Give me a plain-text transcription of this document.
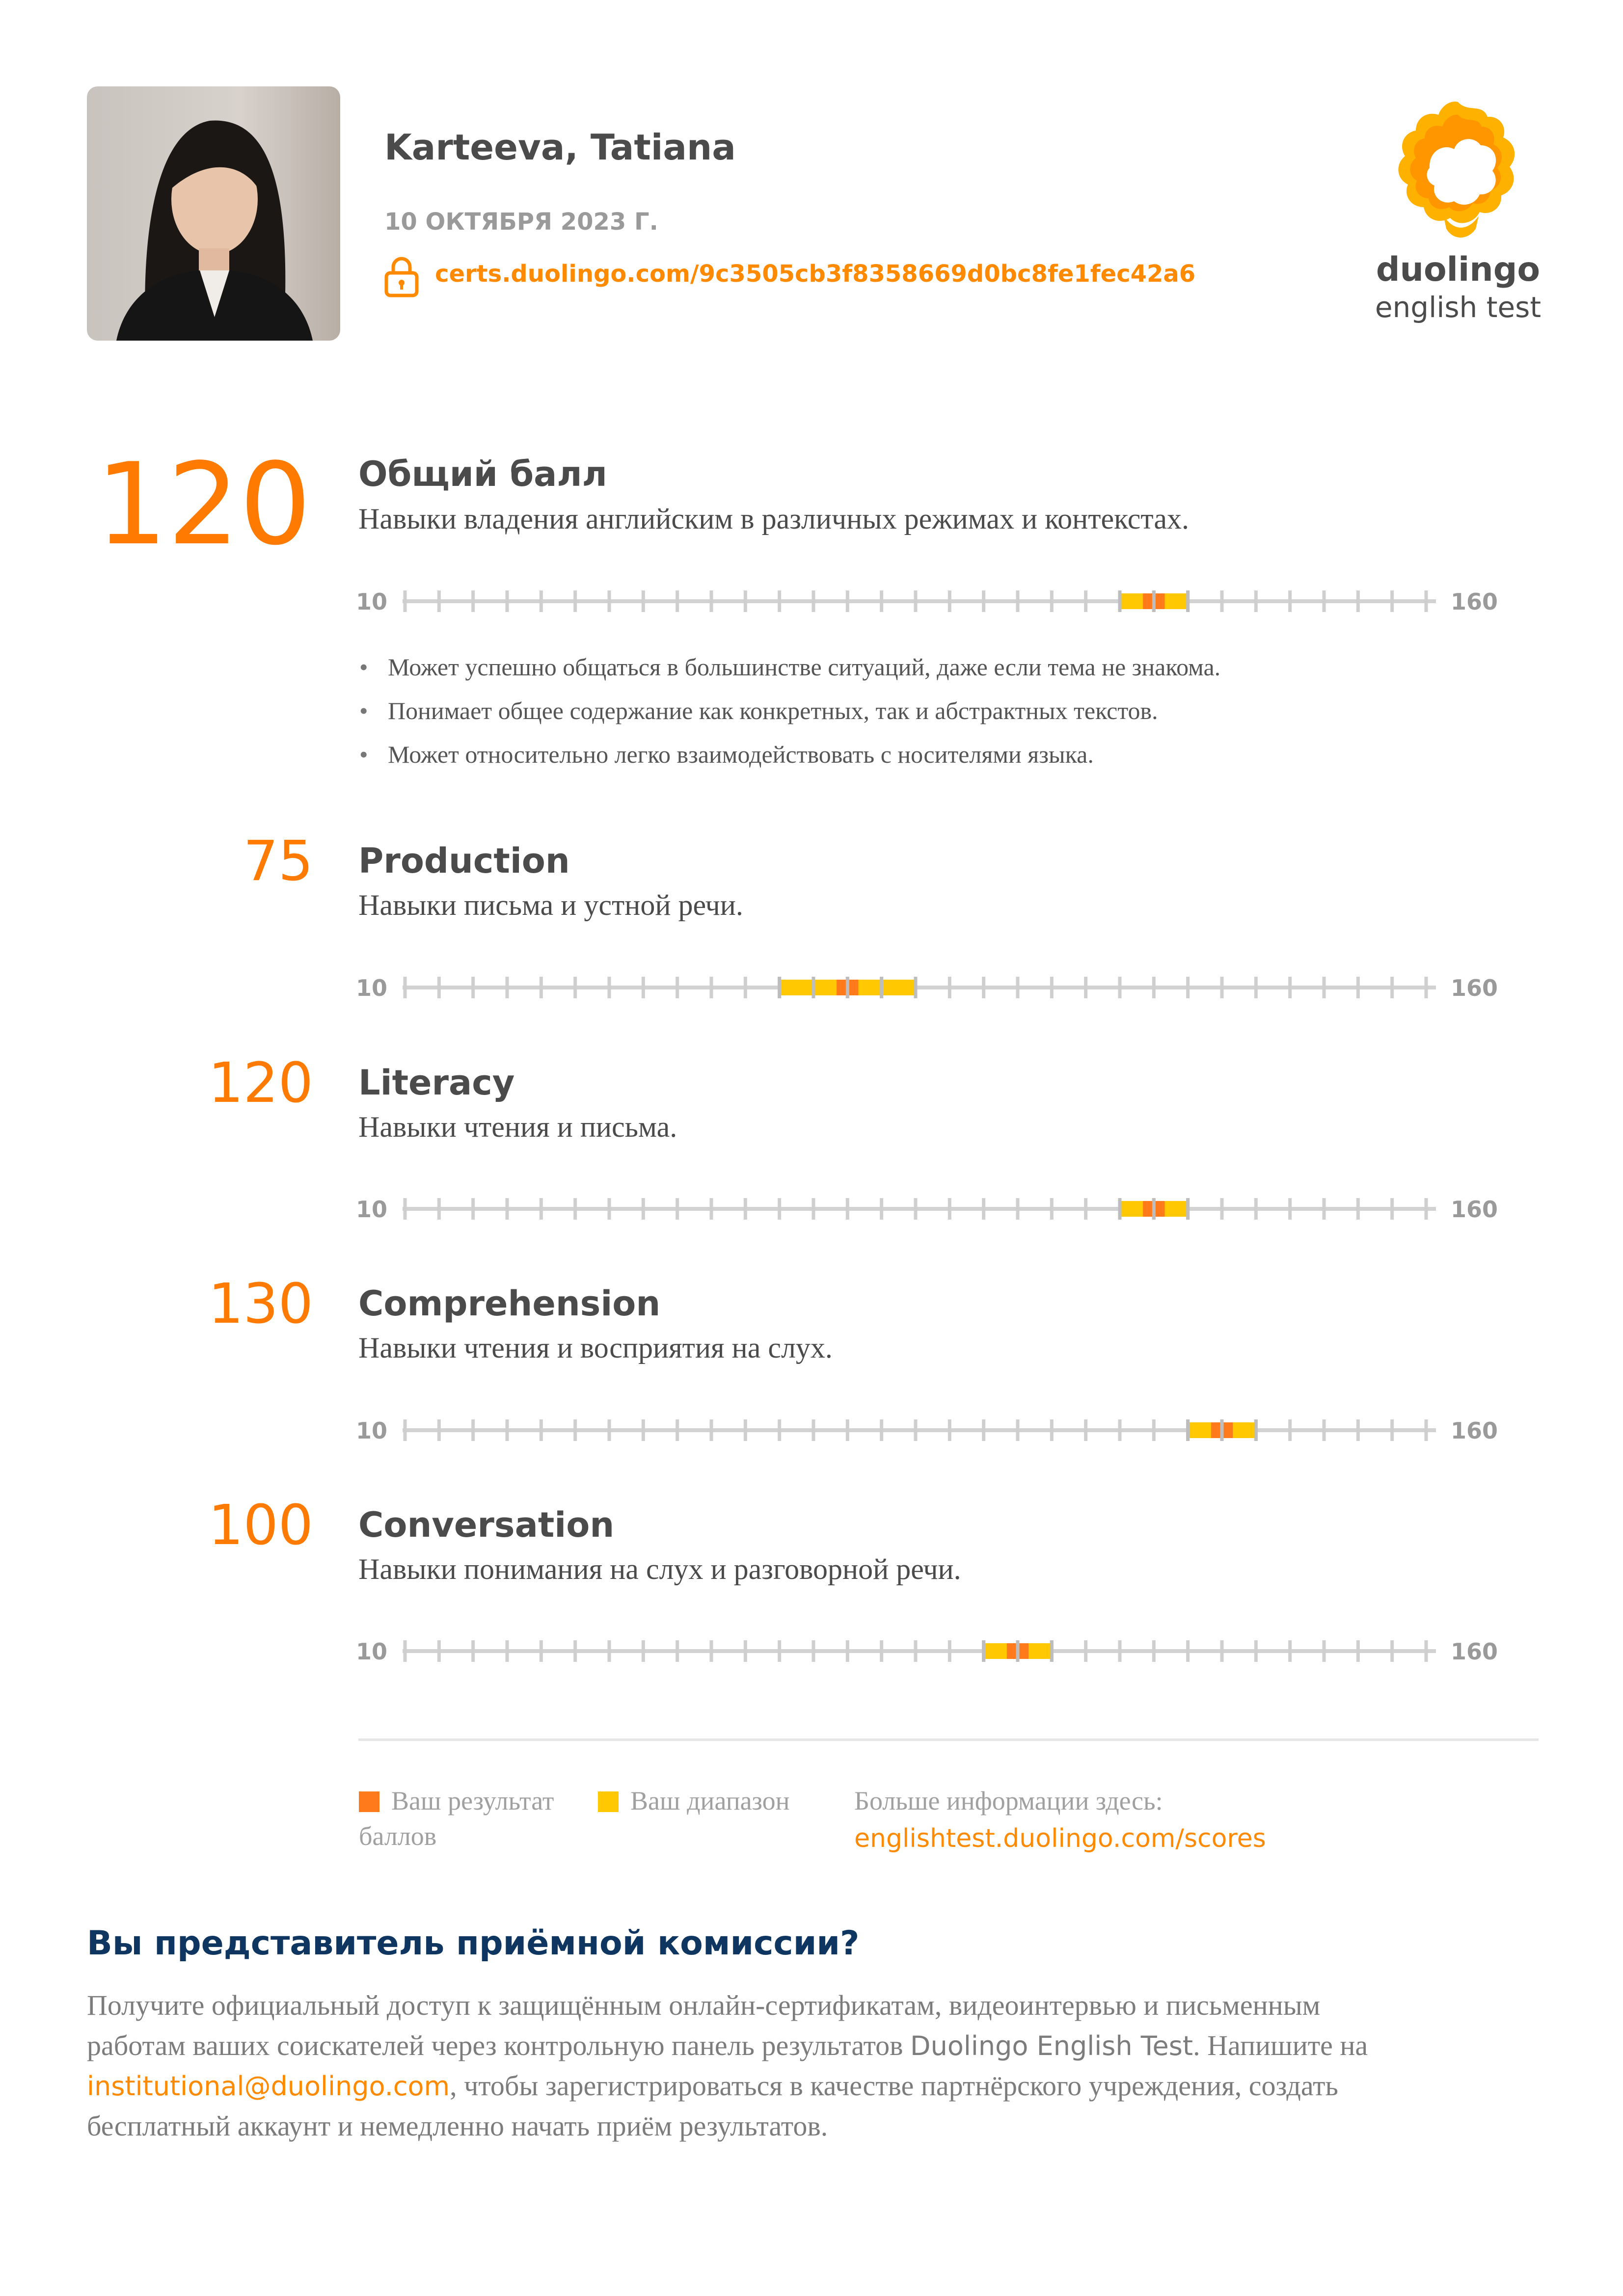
Karteeva, Tatiana
10 ОКТЯБРЯ 2023 Г.
certs.duolingo.com/9c3505cb3f8358669d0bc8fe1fec42a6	duolingo
english test
120 Общий балл
Навыки владения английским в различных режимах и контекстах.
10	160
• Может успешно общаться в большинстве ситуаций, даже если тема не знакома.
• Понимает общее содержание как конкретных, так и абстрактных текстов.
• Может относительно легко взаимодействовать с носителями языка.
75 Production
Навыки письма и устной речи.
10	160
120 Literacy
Навыки чтения и письма.
10	160
130 Comprehension
Навыки чтения и восприятия на слух.
10	160
100 Conversation
Навыки понимания на слух и разговорной речи.
10	160
Ваш результат
баллов
Ваш диапазон Больше информации здесь:
englishtest.duolingo.com/scores
Вы представитель приёмной комиссии?
Получите официальный доступ к защищённым онлайн-сертификатам, видеоинтервью и письменным
работам ваших соискателей через контрольную панель результатов Duolingo English Test. Напишите на
institutional@duolingo.com, чтобы зарегистрироваться в качестве партнёрского учреждения, создать
бесплатный аккаунт и немедленно начать приём результатов.
